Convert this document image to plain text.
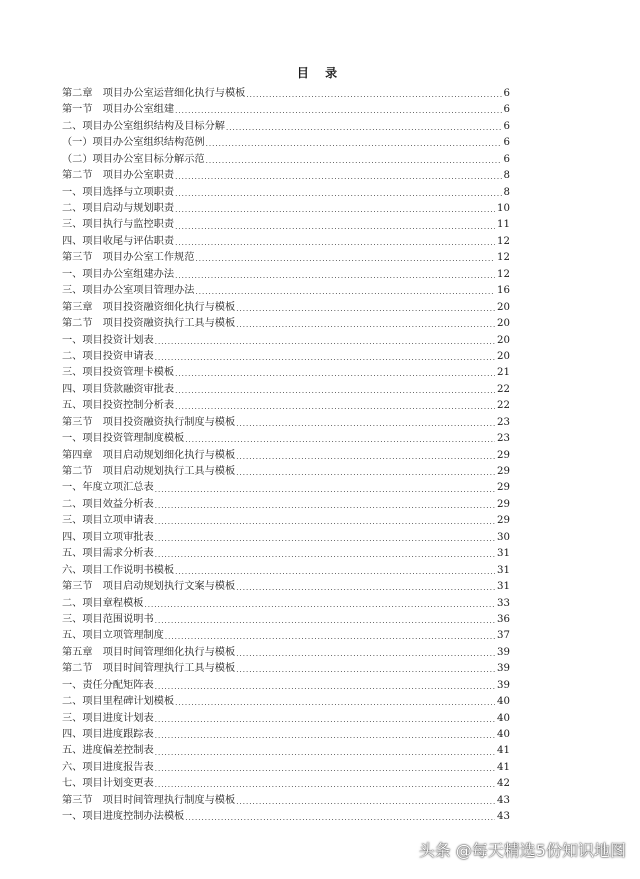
目 录
第二章　项目办公室运营细化执行与模板 . . .	6
第一节　项目办公室组建 . . .	6
二、项目办公室组织结构及目标分解 . . .	6
（一）项目办公室组织结构范例 . . .	6
（二）项目办公室目标分解示范 . . .	6
第二节　项目办公室职责 . . .	8
一、项目选择与立项职责 . . .	8
二、项目启动与规划职责 . . .	10
三、项目执行与监控职责 . . .	11
四、项目收尾与评估职责 . . .	12
第三节　项目办公室工作规范 . . .	12
一、项目办公室组建办法 . . .	12
三、项目办公室项目管理办法 . . .	16
第三章　项目投资融资细化执行与模板 . . .	20
第二节　项目投资融资执行工具与模板 . . .	20
一、项目投资计划表 . . .	20
二、项目投资申请表 . . .	20
三、项目投资管理卡模板 . . .	21
四、项目贷款融资审批表 . . .	22
五、项目投资控制分析表 . . .	22
第三节　项目投资融资执行制度与模板 . . .	23
一、项目投资管理制度模板 . . .	23
第四章　项目启动规划细化执行与模板 . . .	29
第二节　项目启动规划执行工具与模板 . . .	29
一、年度立项汇总表 . . .	29
二、项目效益分析表 . . .	29
三、项目立项申请表 . . .	29
四、项目立项审批表 . . .	30
五、项目需求分析表 . . .	31
六、项目工作说明书模板 . . .	31
第三节　项目启动规划执行文案与模板 . . .	31
二、项目章程模板 . . .	33
三、项目范围说明书 . . .	36
五、项目立项管理制度 . . .	37
第五章　项目时间管理细化执行与模板 . . .	39
第二节　项目时间管理执行工具与模板 . . .	39
一、责任分配矩阵表 . . .	39
二、项目里程碑计划模板 . . .	40
三、项目进度计划表 . . .	40
四、项目进度跟踪表 . . .	40
五、进度偏差控制表 . . .	41
六、项目进度报告表 . . .	41
七、项目计划变更表 . . .	42
第三节　项目时间管理执行制度与模板 . . .	43
一、项目进度控制办法模板 . . .	43
头条 @每天精选5份知识地图
